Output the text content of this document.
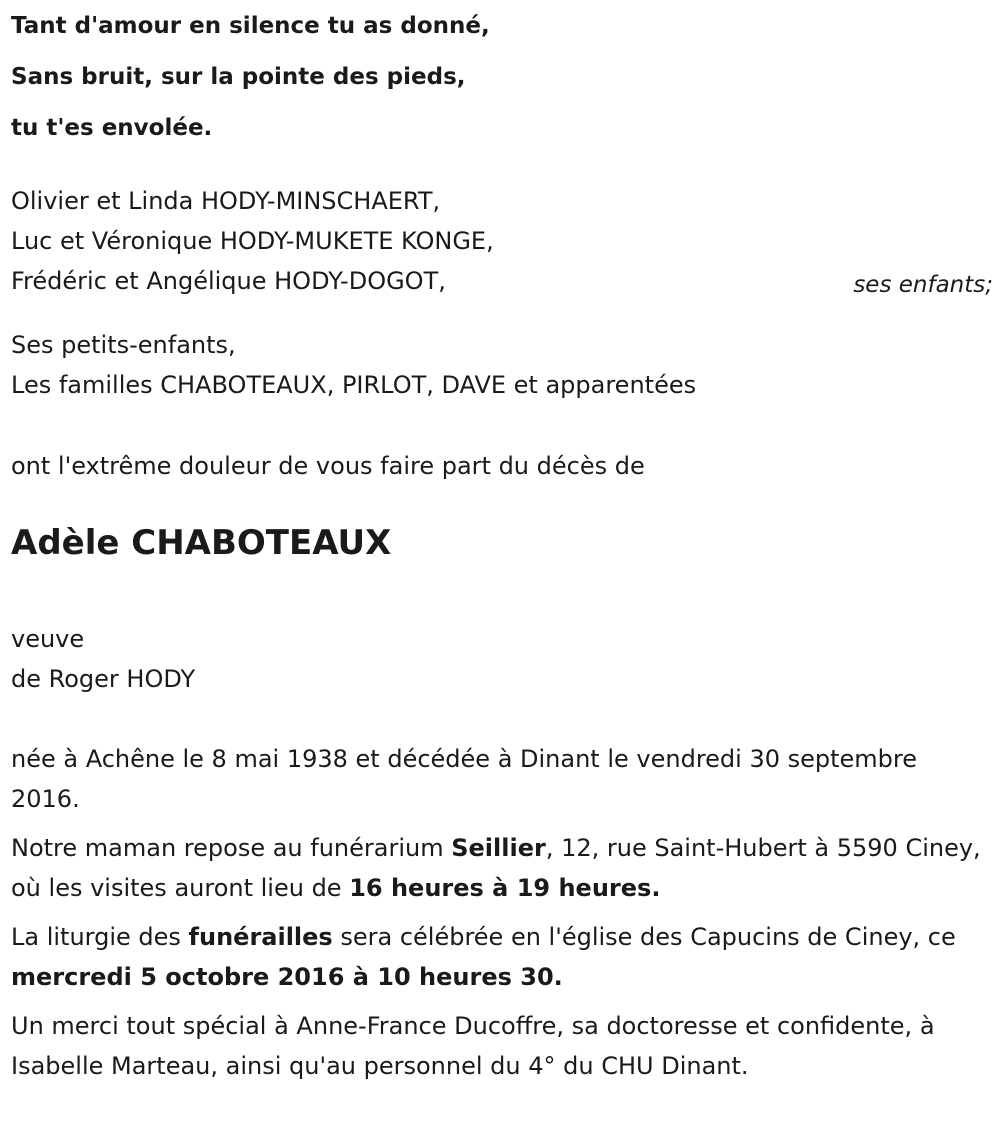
Tant d'amour en silence tu as donné,

Sans bruit, sur la pointe des pieds,

tu t'es envolée.

Olivier et Linda HODY-MINSCHAERT,

Luc et Véronique HODY-MUKETE KONGE,

Frédéric et Angélique HODY-DOGOT,	ses enfants;

Ses petits-enfants,

Les familles CHABOTEAUX, PIRLOT, DAVE et apparentées

ont l'extrême douleur de vous faire part du décès de

Adèle CHABOTEAUX

veuve

de Roger HODY

née à Achêne le 8 mai 1938 et décédée à Dinant le vendredi 30 septembre 2016.

Notre maman repose au funérarium Seillier, 12, rue Saint-Hubert à 5590 Ciney, où les visites auront lieu de 16 heures à 19 heures.

La liturgie des funérailles sera célébrée en l'église des Capucins de Ciney, ce mercredi 5 octobre 2016 à 10 heures 30.

Un merci tout spécial à Anne-France Ducoffre, sa doctoresse et confidente, à Isabelle Marteau, ainsi qu'au personnel du 4° du CHU Dinant.
